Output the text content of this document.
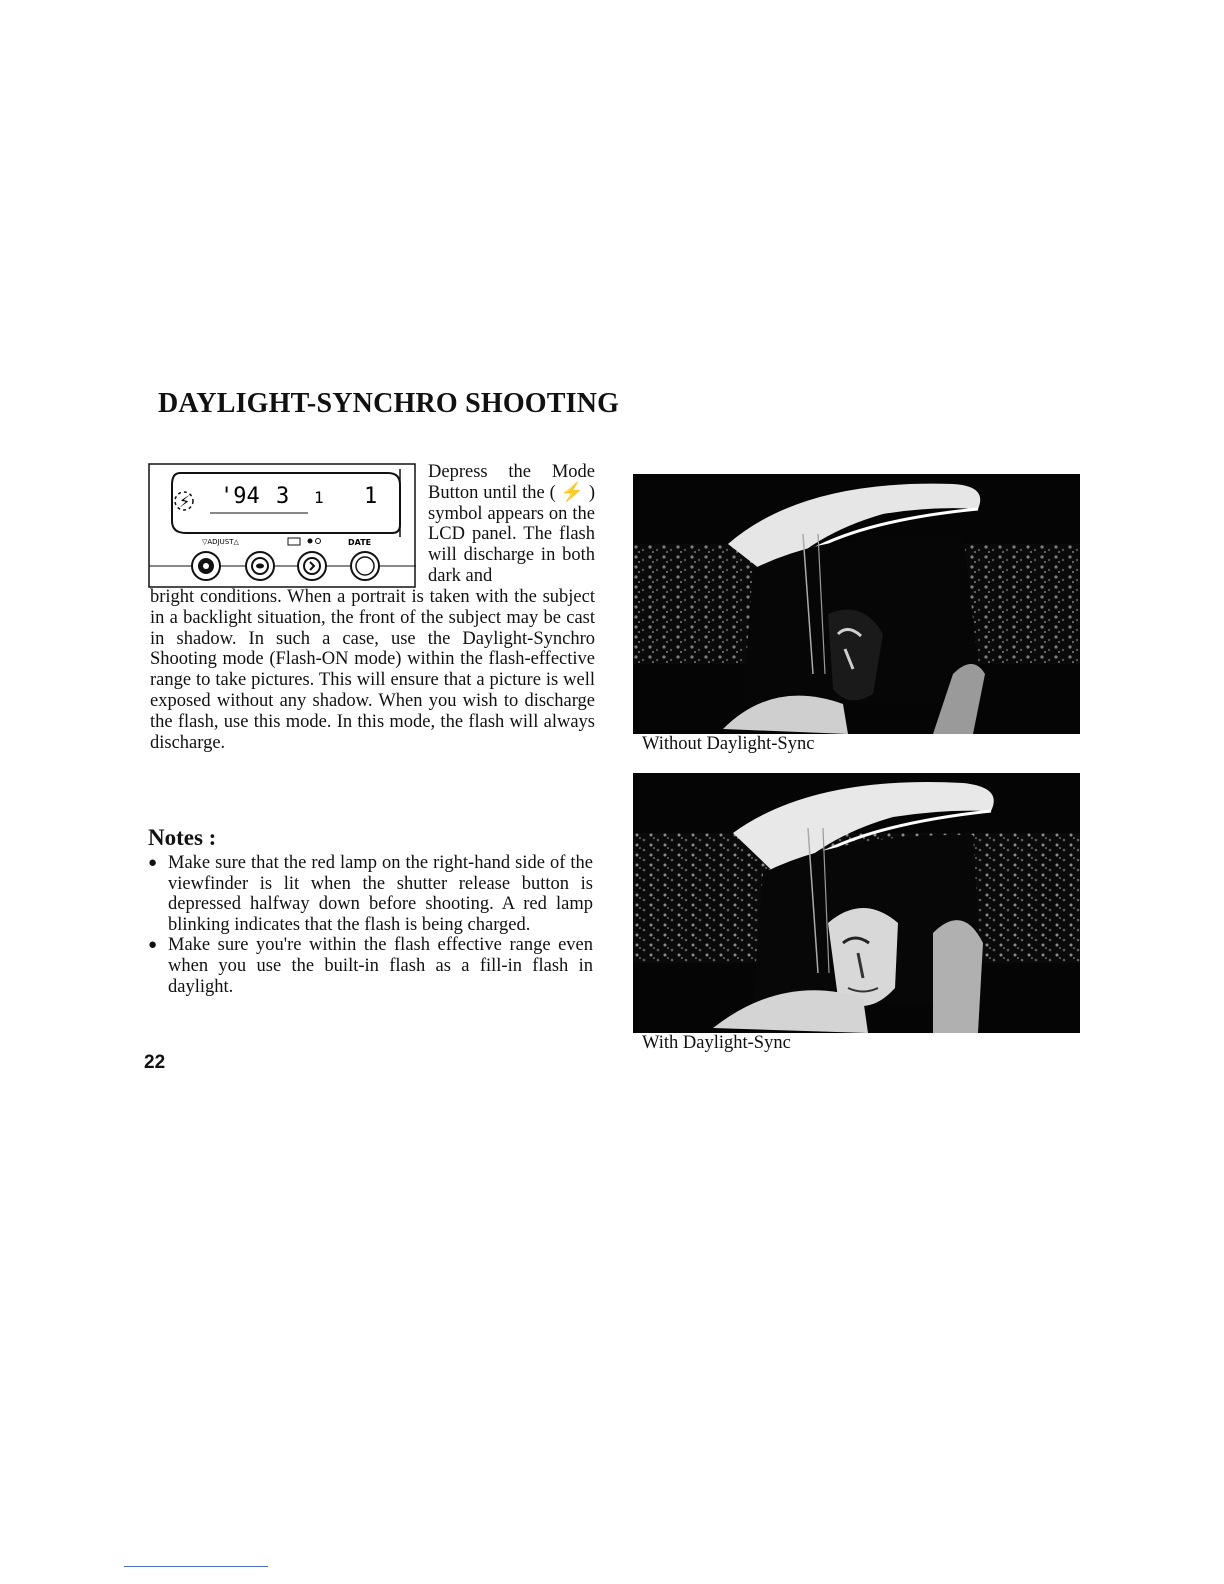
DAYLIGHT-SYNCHRO SHOOTING
⚡ '94 3 1 1
▽ADJUST△	DATE

Depress the Mode Button until the ( ⚡ ) symbol appears on the LCD panel. The flash will discharge in both dark and

bright conditions. When a portrait is taken with the subject in a backlight situation, the front of the subject may be cast in shadow. In such a case, use the Daylight-Synchro Shooting mode (Flash-ON mode) within the flash-effective range to take pictures. This will ensure that a picture is well exposed without any shadow. When you wish to discharge the flash, use this mode. In this mode, the flash will always discharge.

Notes :
● Make sure that the red lamp on the right-hand side of the viewfinder is lit when the shutter release button is depressed halfway down before shooting. A red lamp blinking indicates that the flash is being charged.
● Make sure you're within the flash effective range even when you use the built-in flash as a fill-in flash in daylight.
22

Without Daylight-Sync

With Daylight-Sync
